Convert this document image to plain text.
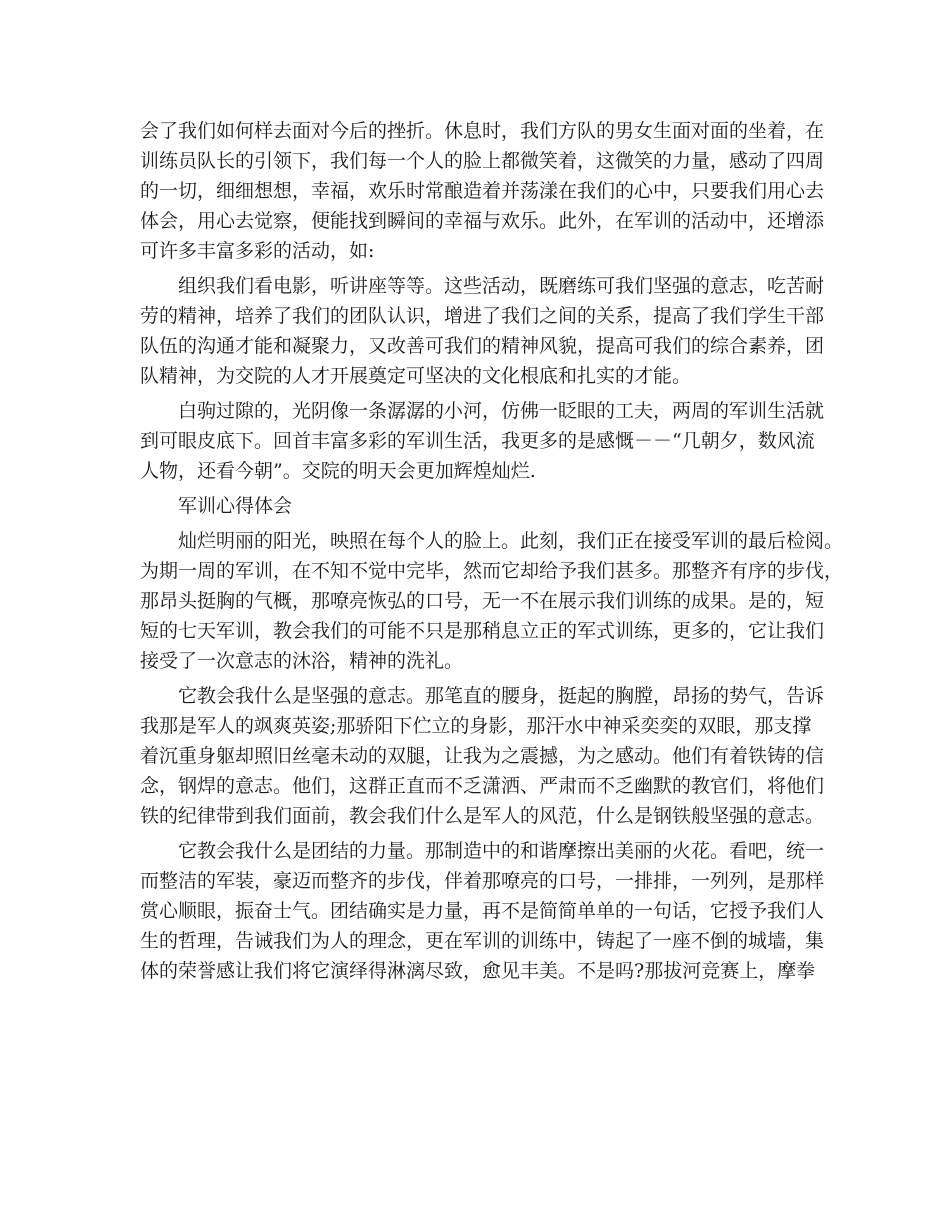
会了我们如何样去面对今后的挫折。休息时，我们方队的男女生面对面的坐着，在
训练员队长的引领下，我们每一个人的脸上都微笑着，这微笑的力量，感动了四周
的一切，细细想想，幸福，欢乐时常酿造着并荡漾在我们的心中，只要我们用心去
体会，用心去觉察，便能找到瞬间的幸福与欢乐。此外，在军训的活动中，还增添
可许多丰富多彩的活动，如:
组织我们看电影，听讲座等等。这些活动，既磨练可我们坚强的意志，吃苦耐
劳的精神，培养了我们的团队认识，增进了我们之间的关系，提高了我们学生干部
队伍的沟通才能和凝聚力，又改善可我们的精神风貌，提高可我们的综合素养，团
队精神，为交院的人才开展奠定可坚决的文化根底和扎实的才能。
白驹过隙的，光阴像一条潺潺的小河，仿佛一眨眼的工夫，两周的军训生活就
到可眼皮底下。回首丰富多彩的军训生活，我更多的是感慨－－“几朝夕，数风流
人物，还看今朝”。交院的明天会更加辉煌灿烂.
军训心得体会
灿烂明丽的阳光，映照在每个人的脸上。此刻，我们正在接受军训的最后检阅。
为期一周的军训，在不知不觉中完毕，然而它却给予我们甚多。那整齐有序的步伐，
那昂头挺胸的气概，那嘹亮恢弘的口号，无一不在展示我们训练的成果。是的，短
短的七天军训，教会我们的可能不只是那稍息立正的军式训练，更多的，它让我们
接受了一次意志的沐浴，精神的洗礼。
它教会我什么是坚强的意志。那笔直的腰身，挺起的胸膛，昂扬的势气，告诉
我那是军人的飒爽英姿;那骄阳下伫立的身影，那汗水中神采奕奕的双眼，那支撑
着沉重身躯却照旧丝毫未动的双腿，让我为之震撼，为之感动。他们有着铁铸的信
念，钢焊的意志。他们，这群正直而不乏潇洒、严肃而不乏幽默的教官们，将他们
铁的纪律带到我们面前，教会我们什么是军人的风范，什么是钢铁般坚强的意志。
它教会我什么是团结的力量。那制造中的和谐摩擦出美丽的火花。看吧，统一
而整洁的军装，豪迈而整齐的步伐，伴着那嘹亮的口号，一排排，一列列，是那样
赏心顺眼，振奋士气。团结确实是力量，再不是简简单单的一句话，它授予我们人
生的哲理，告诫我们为人的理念，更在军训的训练中，铸起了一座不倒的城墙，集
体的荣誉感让我们将它演绎得淋漓尽致，愈见丰美。不是吗?那拔河竞赛上，摩拳
